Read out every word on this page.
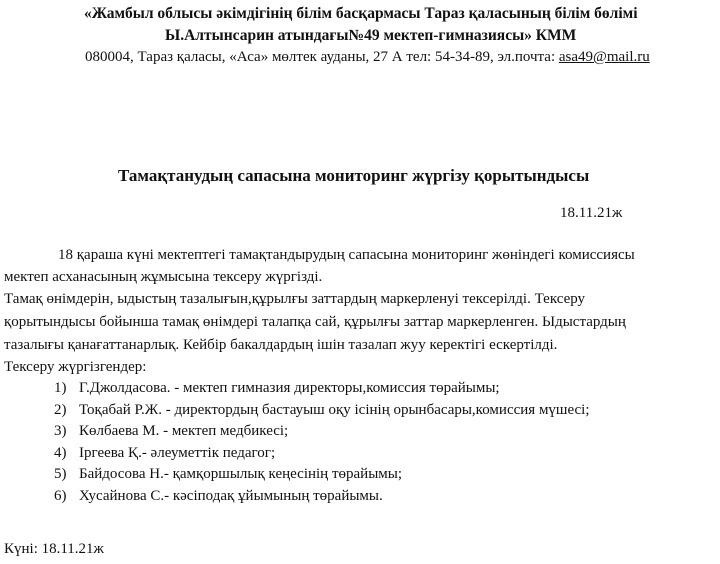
«Жамбыл облысы әкімдігінің білім басқармасы Тараз қаласының білім бөлімі
Ы.Алтынсарин атындағы№49 мектеп-гимназиясы» КММ
080004, Тараз қаласы, «Аса» мөлтек ауданы, 27 А тел: 54-34-89, эл.почта: asa49@mail.ru
Тамақтанудың сапасына мониторинг жүргізу қорытындысы
18.11.21ж
18 қараша күні мектептегі тамақтандырудың сапасына мониторинг жөніндегі комиссиясы
мектеп асханасының жұмысына тексеру жүргізді.
Тамақ өнімдерін, ыдыстың тазалығын,құрылғы заттардың маркерленуі тексерілді. Тексеру
қорытындысы бойынша тамақ өнімдері талапқа сай, құрылғы заттар маркерленген. Ыдыстардың
тазалығы қанағаттанарлық. Кейбір бакалдардың ішін тазалап жуу керектігі ескертілді.
Тексеру жүргізгендер:
1) Г.Джолдасова. - мектеп гимназия директоры,комиссия төрайымы;
2) Тоқабай Р.Ж. - директордың бастауыш оқу ісінің орынбасары,комиссия мүшесі;
3) Көлбаева М. - мектеп медбикесі;
4) Іргеева Қ.- әлеуметтік педагог;
5) Байдосова Н.- қамқоршылық кеңесінің төрайымы;
6) Хусайнова С.- кәсіподақ ұйымының төрайымы.
Күні: 18.11.21ж
